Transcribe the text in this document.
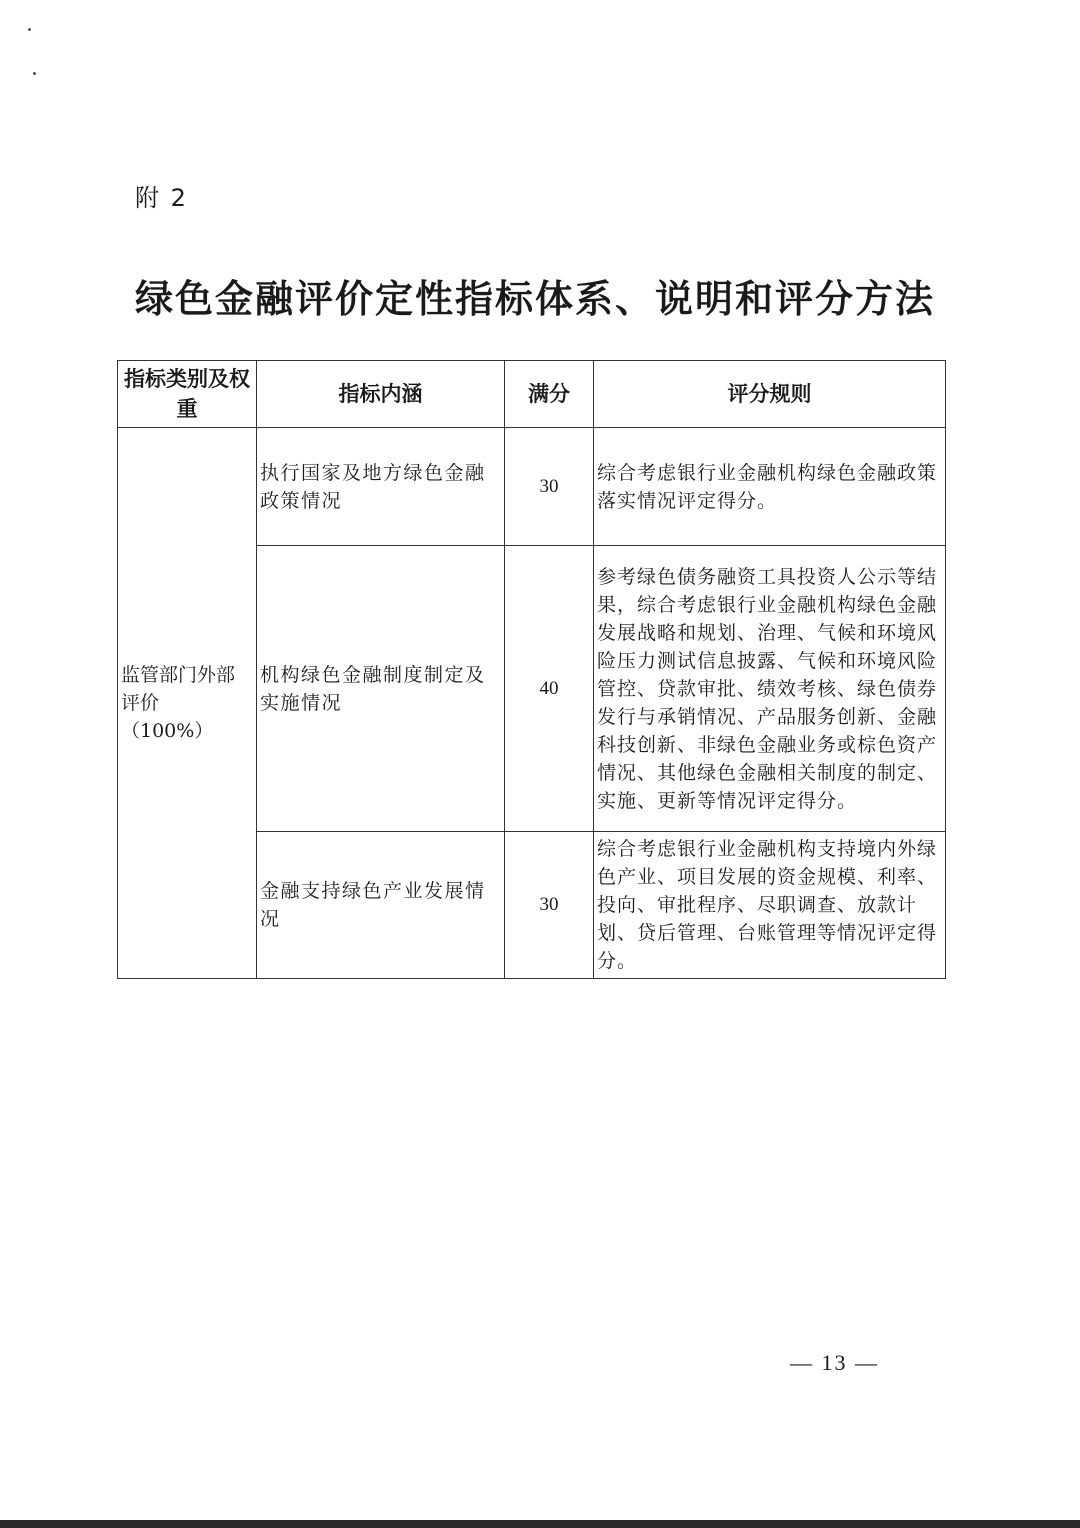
附 2
绿色金融评价定性指标体系、说明和评分方法
指标类别及权重	指标内涵	满分	评分规则

监管部门外部
评价
（100%）	执行国家及地方绿色金融政策情况	30	综合考虑银行业金融机构绿色金融政策落实情况评定得分。
	机构绿色金融制度制定及实施情况	40	参考绿色债务融资工具投资人公示等结果，综合考虑银行业金融机构绿色金融发展战略和规划、治理、气候和环境风险压力测试信息披露、气候和环境风险管控、贷款审批、绩效考核、绿色债券发行与承销情况、产品服务创新、金融科技创新、非绿色金融业务或棕色资产情况、其他绿色金融相关制度的制定、实施、更新等情况评定得分。
	金融支持绿色产业发展情况	30	综合考虑银行业金融机构支持境内外绿色产业、项目发展的资金规模、利率、投向、审批程序、尽职调查、放款计划、贷后管理、台账管理等情况评定得分。
— 13 —
